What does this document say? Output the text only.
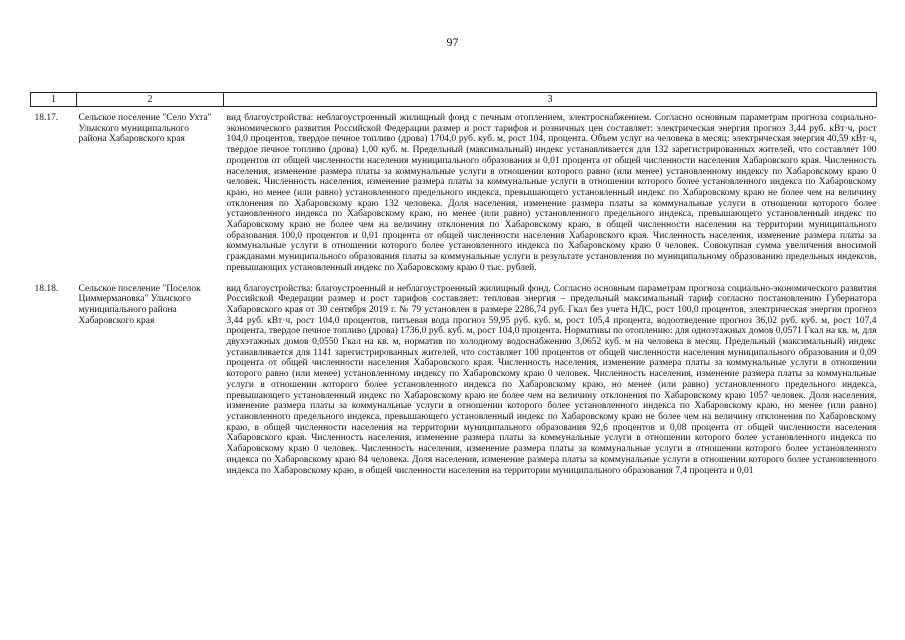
97
1	2	3
18.17.	Сельское поселение "Село Ухта" Ульчского муниципального района Хабаровского края	вид благоустройства: неблагоустроенный жилищный фонд с печным отоплением, электроснабжением. Согласно основным параметрам прогноза социально-экономического развития Российской Федерации размер и рост тарифов и розничных цен составляет: электрическая энергия прогноз 3,44 руб. кВт·ч, рост 104,0 процентов, твердое печное топливо (дрова) 1704,0 руб. куб. м, рост 104, процента. Объем услуг на человека в месяц: электрическая энергия 40,59 кВт·ч, твердое печное топливо (дрова) 1,00 куб. м. Предельный (максимальный) индекс устанавливается для 132 зарегистрированных жителей, что составляет 100 процентов от общей численности населения муниципального образования и 0,01 процента от общей численности населения Хабаровского края. Численность населения, изменение размера платы за коммунальные услуги в отношении которого равно (или менее) установленному индексу по Хабаровскому краю 0 человек. Численность населения, изменение размера платы за коммунальные услуги в отношении которого более установленного индекса по Хабаровскому краю, но менее (или равно) установленного предельного индекса, превышающего установленный индекс по Хабаровскому краю не более чем на величину отклонения по Хабаровскому краю 132 человека. Доля населения, изменение размера платы за коммунальные услуги в отношении которого более установленного индекса по Хабаровскому краю, но менее (или равно) установленного предельного индекса, превышающего установленный индекс по Хабаровскому краю не более чем на величину отклонения по Хабаровскому краю, в общей численности населения на территории муниципального образования 100,0 процентов и 0,01 процента от общей численности населения Хабаровского края. Численность населения, изменение размера платы за коммунальные услуги в отношении которого более установленного индекса по Хабаровскому краю 0 человек. Совокупная сумма увеличения вносимой гражданами муниципального образования платы за коммунальные услуги в результате установления по муниципальному образованию предельных индексов, превышающих установленный индекс по Хабаровскому краю 0 тыс. рублей.
18.18.	Сельское поселение "Поселок Циммермановка" Ульчского муниципального района Хабаровского края	вид благоустройства: благоустроенный и неблагоустроенный жилищный фонд. Согласно основным параметрам прогноза социально-экономического развития Российской Федерации размер и рост тарифов составляет: тепловая энергия – предельный максимальный тариф согласно постановлению Губернатора Хабаровского края от 30 сентября 2019 г. № 79 установлен в размере 2286,74 руб. Гкал без учета НДС, рост 100,0 процентов, электрическая энергия прогноз 3,44 руб. кВт·ч, рост 104,0 процентов, питьевая вода прогноз 59,95 руб. куб. м, рост 105,4 процента, водоотведение прогноз 36,02 руб. куб. м, рост 107,4 процента, твердое печное топливо (дрова) 1736,0 руб. куб. м, рост 104,0 процента. Нормативы по отоплению: для одноэтажных домов 0,0571 Гкал на кв. м, для двухэтажных домов 0,0550 Гкал на кв. м, норматив по холодному водоснабжению 3,0652 куб. м на человека в месяц. Предельный (максимальный) индекс устанавливается для 1141 зарегистрированных жителей, что составляет 100 процентов от общей численности населения муниципального образования и 0,09 процента от общей численности населения Хабаровского края. Численность населения, изменение размера платы за коммунальные услуги в отношении которого равно (или менее) установленному индексу по Хабаровскому краю 0 человек. Численность населения, изменение размера платы за коммунальные услуги в отношении которого более установленного индекса по Хабаровскому краю, но менее (или равно) установленного предельного индекса, превышающего установленный индекс по Хабаровскому краю не более чем на величину отклонения по Хабаровскому краю 1057 человек. Доля населения, изменение размера платы за коммунальные услуги в отношении которого более установленного индекса по Хабаровскому краю, но менее (или равно) установленного предельного индекса, превышающего установленный индекс по Хабаровскому краю не более чем на величину отклонения по Хабаровскому краю, в общей численности населения на территории муниципального образования 92,6 процентов и 0,08 процента от общей численности населения Хабаровского края. Численность населения, изменение размера платы за коммунальные услуги в отношении которого более установленного индекса по Хабаровскому краю 0 человек. Численность населения, изменение размера платы за коммунальные услуги в отношении которого более установленного индекса по Хабаровскому краю 84 человека. Доля населения, изменение размера платы за коммунальные услуги в отношении которого более установленного индекса по Хабаровскому краю, в общей численности населения на территории муниципального образования 7,4 процента и 0,01
